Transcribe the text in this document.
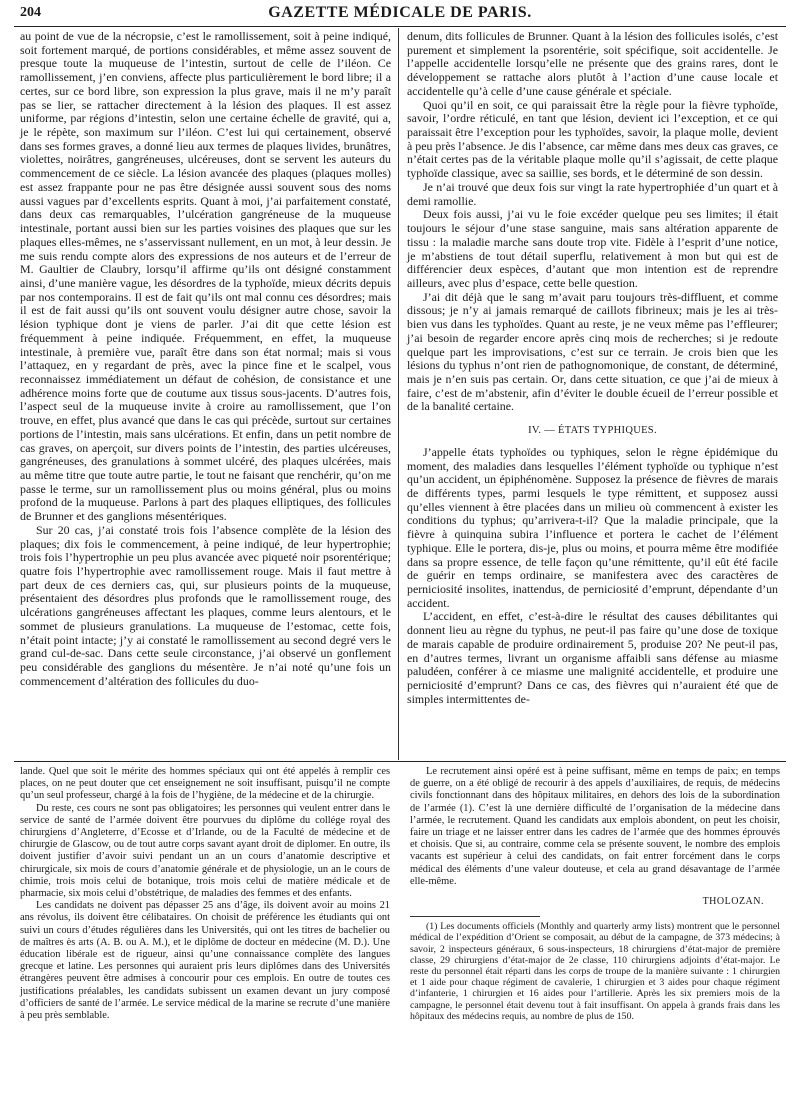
204	GAZETTE MÉDICALE DE PARIS.

au point de vue de la nécropsie, c’est le ramollissement, soit à peine indiqué, soit fortement marqué, de portions considérables, et même assez souvent de presque toute la muqueuse de l’intestin, surtout de celle de l’iléon. Ce ramollissement, j’en conviens, affecte plus particulièrement le bord libre; il a certes, sur ce bord libre, son expression la plus grave, mais il ne m’y paraît pas se lier, se rattacher directement à la lésion des plaques. Il est assez uniforme, par régions d’intestin, selon une certaine échelle de gravité, qui a, je le répète, son maximum sur l’iléon. C’est lui qui certainement, observé dans ses formes graves, a donné lieu aux termes de plaques livides, brunâtres, violettes, noirâtres, gangréneuses, ulcéreuses, dont se servent les auteurs du commencement de ce siècle. La lésion avancée des plaques (plaques molles) est assez frappante pour ne pas être désignée aussi souvent sous des noms aussi vagues par d’excellents esprits. Quant à moi, j’ai parfaitement constaté, dans deux cas remarquables, l’ulcération gangréneuse de la muqueuse intestinale, portant aussi bien sur les parties voisines des plaques que sur les plaques elles-mêmes, ne s’asservissant nullement, en un mot, à leur dessin. Je me suis rendu compte alors des expressions de nos auteurs et de l’erreur de M. Gaultier de Claubry, lorsqu’il affirme qu’ils ont désigné constamment ainsi, d’une manière vague, les désordres de la typhoïde, mieux décrits depuis par nos contemporains. Il est de fait qu’ils ont mal connu ces désordres; mais il est de fait aussi qu’ils ont souvent voulu désigner autre chose, savoir la lésion typhique dont je viens de parler. J’ai dit que cette lésion est fréquemment à peine indiquée. Fréquemment, en effet, la muqueuse intestinale, à première vue, paraît être dans son état normal; mais si vous l’attaquez, en y regardant de près, avec la pince fine et le scalpel, vous reconnaissez immédiatement un défaut de cohésion, de consistance et une adhérence moins forte que de coutume aux tissus sous-jacents. D’autres fois, l’aspect seul de la muqueuse invite à croire au ramollissement, que l’on trouve, en effet, plus avancé que dans le cas qui précède, surtout sur certaines portions de l’intestin, mais sans ulcérations. Et enfin, dans un petit nombre de cas graves, on aperçoit, sur divers points de l’intestin, des parties ulcéreuses, gangréneuses, des granulations à sommet ulcéré, des plaques ulcérées, mais au même titre que toute autre partie, le tout ne faisant que renchérir, qu’on me passe le terme, sur un ramollissement plus ou moins général, plus ou moins profond de la muqueuse. Parlons à part des plaques elliptiques, des follicules de Brunner et des ganglions mésentériques.

Sur 20 cas, j’ai constaté trois fois l’absence complète de la lésion des plaques; dix fois le commencement, à peine indiqué, de leur hypertrophie; trois fois l’hypertrophie un peu plus avancée avec piqueté noir psorentérique; quatre fois l’hypertrophie avec ramollissement rouge. Mais il faut mettre à part deux de ces derniers cas, qui, sur plusieurs points de la muqueuse, présentaient des désordres plus profonds que le ramollissement rouge, des ulcérations gangréneuses affectant les plaques, comme leurs alentours, et le sommet de plusieurs granulations. La muqueuse de l’estomac, cette fois, n’était point intacte; j’y ai constaté le ramollissement au second degré vers le grand cul-de-sac. Dans cette seule circonstance, j’ai observé un gonflement peu considérable des ganglions du mésentère. Je n’ai noté qu’une fois un commencement d’altération des follicules du duo-

denum, dits follicules de Brunner. Quant à la lésion des follicules isolés, c’est purement et simplement la psorentérie, soit spécifique, soit accidentelle. Je l’appelle accidentelle lorsqu’elle ne présente que des grains rares, dont le développement se rattache alors plutôt à l’action d’une cause locale et accidentelle qu’à celle d’une cause générale et spéciale.

Quoi qu’il en soit, ce qui paraissait être la règle pour la fièvre typhoïde, savoir, l’ordre réticulé, en tant que lésion, devient ici l’exception, et ce qui paraissait être l’exception pour les typhoïdes, savoir, la plaque molle, devient à peu près l’absence. Je dis l’absence, car même dans mes deux cas graves, ce n’était certes pas de la véritable plaque molle qu’il s’agissait, de cette plaque typhoïde classique, avec sa saillie, ses bords, et le déterminé de son dessin.

Je n’ai trouvé que deux fois sur vingt la rate hypertrophiée d’un quart et à demi ramollie.

Deux fois aussi, j’ai vu le foie excéder quelque peu ses limites; il était toujours le séjour d’une stase sanguine, mais sans altération apparente de tissu : la maladie marche sans doute trop vite. Fidèle à l’esprit d’une notice, je m’abstiens de tout détail superflu, relativement à mon but qui est de différencier deux espèces, d’autant que mon intention est de reprendre ailleurs, avec plus d’espace, cette belle question.

J’ai dit déjà que le sang m’avait paru toujours très-diffluent, et comme dissous; je n’y ai jamais remarqué de caillots fibrineux; mais je les ai très-bien vus dans les typhoïdes. Quant au reste, je ne veux même pas l’effleurer; j’ai besoin de regarder encore après cinq mois de recherches; si je redoute quelque part les improvisations, c’est sur ce terrain. Je crois bien que les lésions du typhus n’ont rien de pathognomonique, de constant, de déterminé, mais je n’en suis pas certain. Or, dans cette situation, ce que j’ai de mieux à faire, c’est de m’abstenir, afin d’éviter le double écueil de l’erreur possible et de la banalité certaine.

IV. — ÉTATS TYPHIQUES.

J’appelle états typhoïdes ou typhiques, selon le règne épidémique du moment, des maladies dans lesquelles l’élément typhoïde ou typhique n’est qu’un accident, un épiphénomène. Supposez la présence de fièvres de marais de différents types, parmi lesquels le type rémittent, et supposez aussi qu’elles viennent à être placées dans un milieu où commencent à exister les conditions du typhus; qu’arrivera-t-il? Que la maladie principale, que la fièvre à quinquina subira l’influence et portera le cachet de l’élément typhique. Elle le portera, dis-je, plus ou moins, et pourra même être modifiée dans sa propre essence, de telle façon qu’une rémittente, qu’il eût été facile de guérir en temps ordinaire, se manifestera avec des caractères de perniciosité insolites, inattendus, de perniciosité d’emprunt, dépendante d’un accident.

L’accident, en effet, c’est-à-dire le résultat des causes débilitantes qui donnent lieu au règne du typhus, ne peut-il pas faire qu’une dose de toxique de marais capable de produire ordinairement 5, produise 20? Ne peut-il pas, en d’autres termes, livrant un organisme affaibli sans défense au miasme paludéen, conférer à ce miasme une malignité accidentelle, et produire une perniciosité d’emprunt? Dans ce cas, des fièvres qui n’auraient été que de simples intermittentes de-

lande. Quel que soit le mérite des hommes spéciaux qui ont été appelés à remplir ces places, on ne peut douter que cet enseignement ne soit insuffisant, puisqu’il ne compte qu’un seul professeur, chargé à la fois de l’hygiène, de la médecine et de la chirurgie.

Du reste, ces cours ne sont pas obligatoires; les personnes qui veulent entrer dans le service de santé de l’armée doivent être pourvues du diplôme du collége royal des chirurgiens d’Angleterre, d’Ecosse et d’Irlande, ou de la Faculté de médecine et de chirurgie de Glascow, ou de tout autre corps savant ayant droit de diplomer. En outre, ils doivent justifier d’avoir suivi pendant un an un cours d’anatomie descriptive et chirurgicale, six mois de cours d’anatomie générale et de physiologie, un an le cours de chimie, trois mois celui de botanique, trois mois celui de matière médicale et de pharmacie, six mois celui d’obstétrique, de maladies des femmes et des enfants.

Les candidats ne doivent pas dépasser 25 ans d’âge, ils doivent avoir au moins 21 ans révolus, ils doivent être célibataires. On choisit de préférence les étudiants qui ont suivi un cours d’études régulières dans les Universités, qui ont les titres de bachelier ou de maîtres ès arts (A. B. ou A. M.), et le diplôme de docteur en médecine (M. D.). Une éducation libérale est de rigueur, ainsi qu’une connaissance complète des langues grecque et latine. Les personnes qui auraient pris leurs diplômes dans des Universités étrangères peuvent être admises à concourir pour ces emplois. En outre de toutes ces justifications préalables, les candidats subissent un examen devant un jury composé d’officiers de santé de l’armée. Le service médical de la marine se recrute d’une manière à peu près semblable.

Le recrutement ainsi opéré est à peine suffisant, même en temps de paix; en temps de guerre, on a été obligé de recourir à des appels d’auxiliaires, de requis, de médecins civils fonctionnant dans des hôpitaux militaires, en dehors des lois de la subordination de l’armée (1). C’est là une dernière difficulté de l’organisation de la médecine dans l’armée, le recrutement. Quand les candidats aux emplois abondent, on peut les choisir, faire un triage et ne laisser entrer dans les cadres de l’armée que des hommes éprouvés et choisis. Que si, au contraire, comme cela se présente souvent, le nombre des emplois vacants est supérieur à celui des candidats, on fait entrer forcément dans le corps médical des éléments d’une valeur douteuse, et cela au grand désavantage de l’armée elle-même.

THOLOZAN.

(1) Les documents officiels (Monthly and quarterly army lists) montrent que le personnel médical de l’expédition d’Orient se composait, au début de la campagne, de 373 médecins; à savoir, 2 inspecteurs généraux, 6 sous-inspecteurs, 18 chirurgiens d’état-major de première classe, 29 chirurgiens d’état-major de 2e classe, 110 chirurgiens adjoints d’état-major. Le reste du personnel était réparti dans les corps de troupe de la manière suivante : 1 chirurgien et 1 aide pour chaque régiment de cavalerie, 1 chirurgien et 3 aides pour chaque régiment d’infanterie, 1 chirurgien et 16 aides pour l’artillerie. Après les six premiers mois de la campagne, le personnel était devenu tout à fait insuffisant. On appela à grands frais dans les hôpitaux des médecins requis, au nombre de plus de 150.
